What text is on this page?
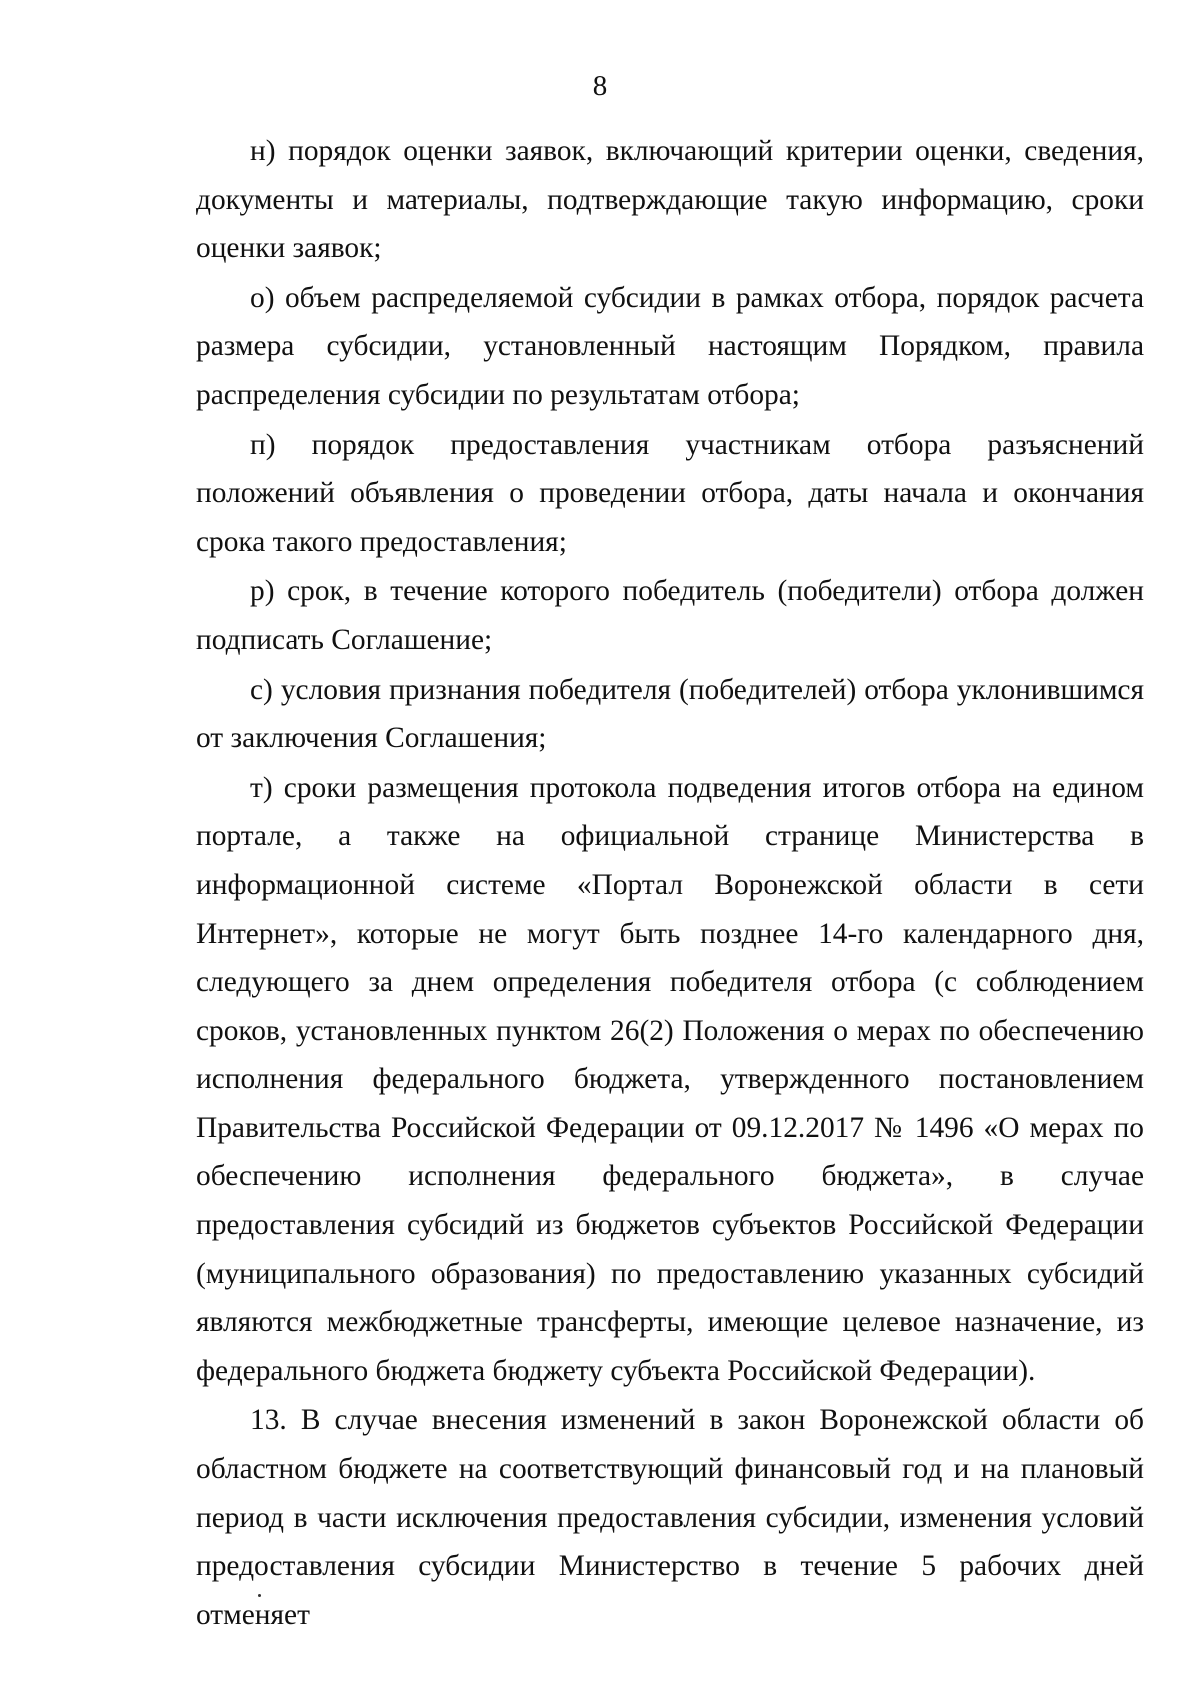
8

н) порядок оценки заявок, включающий критерии оценки, сведения, документы и материалы, подтверждающие такую информацию, сроки оценки заявок;

о) объем распределяемой субсидии в рамках отбора, порядок расчета размера субсидии, установленный настоящим Порядком, правила распределения субсидии по результатам отбора;

п) порядок предоставления участникам отбора разъяснений положений объявления о проведении отбора, даты начала и окончания срока такого предоставления;

р) срок, в течение которого победитель (победители) отбора должен подписать Соглашение;

с) условия признания победителя (победителей) отбора уклонившимся от заключения Соглашения;

т) сроки размещения протокола подведения итогов отбора на едином портале, а также на официальной странице Министерства в информационной системе «Портал Воронежской области в сети Интернет», которые не могут быть позднее 14-го календарного дня, следующего за днем определения победителя отбора (с соблюдением сроков, установленных пунктом 26(2) Положения о мерах по обеспечению исполнения федерального бюджета, утвержденного постановлением Правительства Российской Федерации от 09.12.2017 № 1496 «О мерах по обеспечению исполнения федерального бюджета», в случае предоставления субсидий из бюджетов субъектов Российской Федерации (муниципального образования) по предоставлению указанных субсидий являются межбюджетные трансферты, имеющие целевое назначение, из федерального бюджета бюджету субъекта Российской Федерации).

13. В случае внесения изменений в закон Воронежской области об областном бюджете на соответствующий финансовый год и на плановый период в части исключения предоставления субсидии, изменения условий предоставления субсидии Министерство в течение 5 рабочих дней отменяет
